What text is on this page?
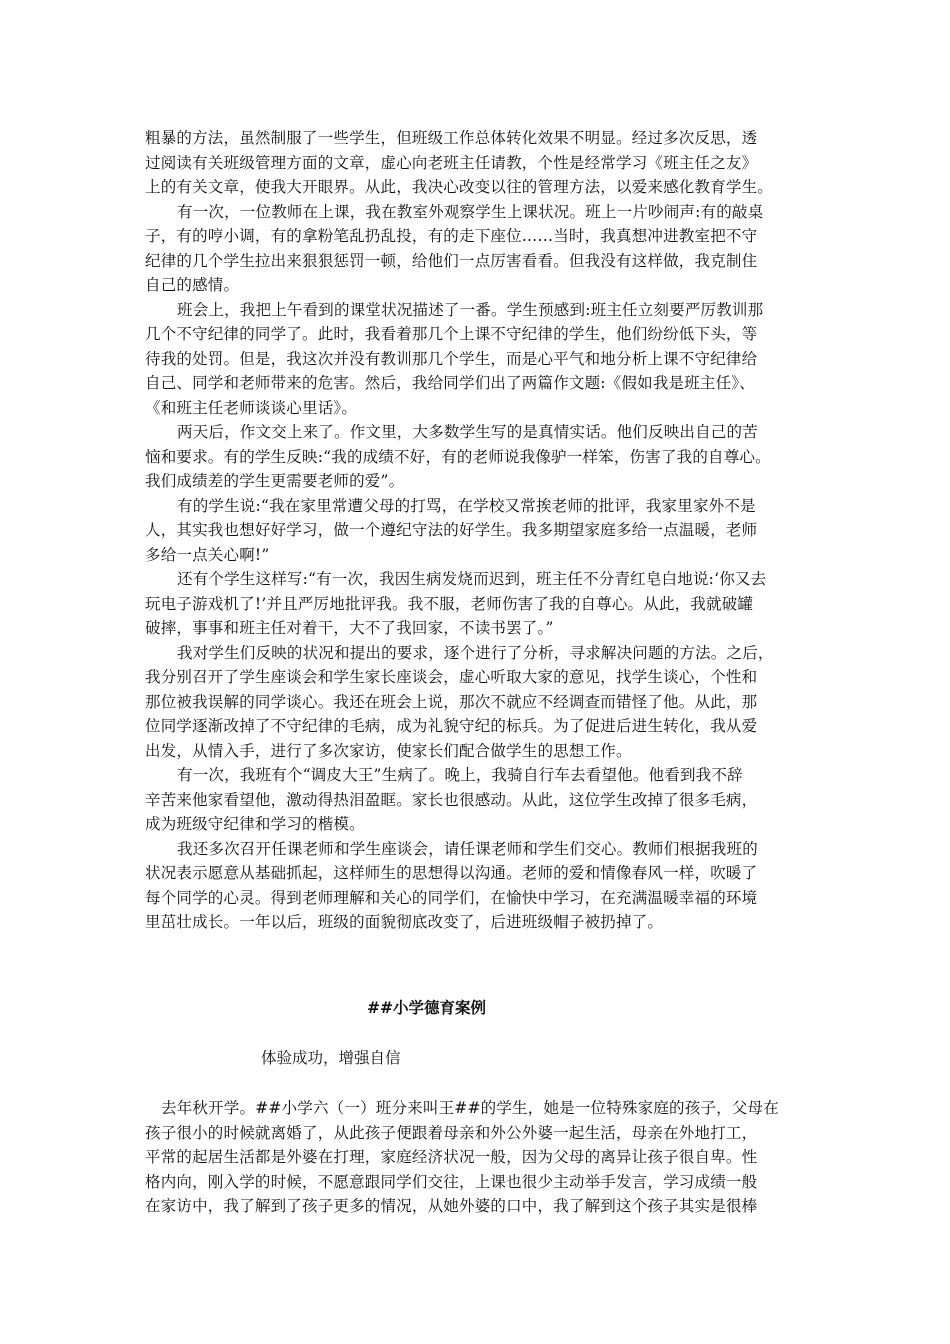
粗暴的方法，虽然制服了一些学生，但班级工作总体转化效果不明显。经过多次反思，透
过阅读有关班级管理方面的文章，虚心向老班主任请教，个性是经常学习《班主任之友》
上的有关文章，使我大开眼界。从此，我决心改变以往的管理方法，以爱来感化教育学生。
有一次，一位教师在上课，我在教室外观察学生上课状况。班上一片吵闹声:有的敲桌
子，有的哼小调，有的拿粉笔乱扔乱投，有的走下座位……当时，我真想冲进教室把不守
纪律的几个学生拉出来狠狠惩罚一顿，给他们一点厉害看看。但我没有这样做，我克制住
自己的感情。
班会上，我把上午看到的课堂状况描述了一番。学生预感到:班主任立刻要严厉教训那
几个不守纪律的同学了。此时，我看着那几个上课不守纪律的学生，他们纷纷低下头，等
待我的处罚。但是，我这次并没有教训那几个学生，而是心平气和地分析上课不守纪律给
自己、同学和老师带来的危害。然后，我给同学们出了两篇作文题:《假如我是班主任》、
《和班主任老师谈谈心里话》。
两天后，作文交上来了。作文里，大多数学生写的是真情实话。他们反映出自己的苦
恼和要求。有的学生反映:“我的成绩不好，有的老师说我像驴一样笨，伤害了我的自尊心。
我们成绩差的学生更需要老师的爱”。
有的学生说:“我在家里常遭父母的打骂，在学校又常挨老师的批评，我家里家外不是
人，其实我也想好好学习，做一个遵纪守法的好学生。我多期望家庭多给一点温暖，老师
多给一点关心啊!”
还有个学生这样写:“有一次，我因生病发烧而迟到，班主任不分青红皂白地说:‘你又去
玩电子游戏机了!’并且严厉地批评我。我不服，老师伤害了我的自尊心。从此，我就破罐
破摔，事事和班主任对着干，大不了我回家，不读书罢了。”
我对学生们反映的状况和提出的要求，逐个进行了分析，寻求解决问题的方法。之后，
我分别召开了学生座谈会和学生家长座谈会，虚心听取大家的意见，找学生谈心，个性和
那位被我误解的同学谈心。我还在班会上说，那次不就应不经调查而错怪了他。从此，那
位同学逐渐改掉了不守纪律的毛病，成为礼貌守纪的标兵。为了促进后进生转化，我从爱
出发，从情入手，进行了多次家访，使家长们配合做学生的思想工作。
有一次，我班有个“调皮大王”生病了。晚上，我骑自行车去看望他。他看到我不辞
辛苦来他家看望他，激动得热泪盈眶。家长也很感动。从此，这位学生改掉了很多毛病，
成为班级守纪律和学习的楷模。
我还多次召开任课老师和学生座谈会，请任课老师和学生们交心。教师们根据我班的
状况表示愿意从基础抓起，这样师生的思想得以沟通。老师的爱和情像春风一样，吹暖了
每个同学的心灵。得到老师理解和关心的同学们，在愉快中学习，在充满温暖幸福的环境
里茁壮成长。一年以后，班级的面貌彻底改变了，后进班级帽子被扔掉了。
##小学德育案例
体验成功，增强自信
去年秋开学。##小学六（一）班分来叫王##的学生，她是一位特殊家庭的孩子，父母在
孩子很小的时候就离婚了，从此孩子便跟着母亲和外公外婆一起生活，母亲在外地打工，
平常的起居生活都是外婆在打理，家庭经济状况一般，因为父母的离异让孩子很自卑。性
格内向，刚入学的时候，不愿意跟同学们交往，上课也很少主动举手发言，学习成绩一般
在家访中，我了解到了孩子更多的情况，从她外婆的口中，我了解到这个孩子其实是很棒
